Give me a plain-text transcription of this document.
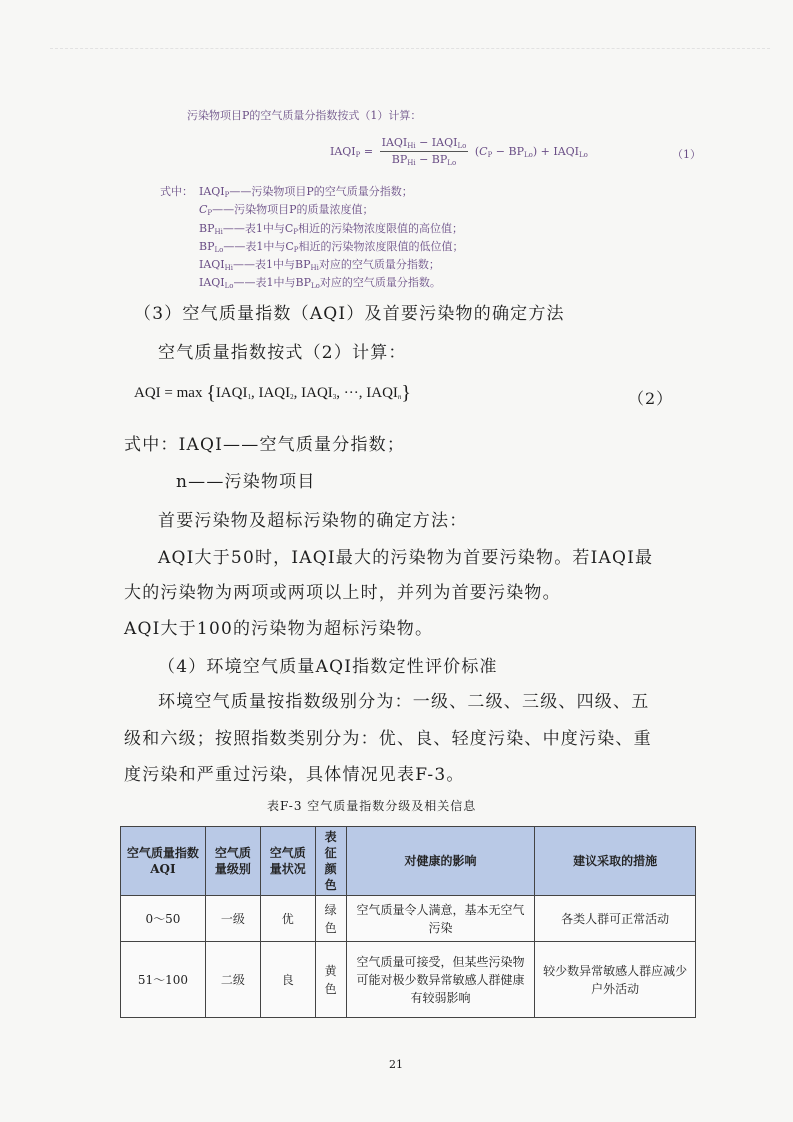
污染物项目P的空气质量分指数按式（1）计算：
$IAQI_P = \frac{IAQI_{Hi} - IAQI_{Lo}}{BP_{Hi} - BP_{Lo}} (C_P - BP_{Lo})$ + $IAQI_{Lo}$	（1）
式中： $IAQI_P——$污染物项目P的空气质量分指数；
$C_P——$污染物项目P的质量浓度值；
$BP_{Hi}——$表1中与$C_P$相近的污染物浓度限值的高位值；
$BP_{Lo}——$表1中与$C_P$相近的污染物浓度限值的低位值；
$IAQI_{Hi}——$表1中与$BP_{Hi}$对应的空气质量分指数；
$IAQI_{Lo}——$表1中与$BP_{Lo}$对应的空气质量分指数。
（3）空气质量指数（AQI）及首要污染物的确定方法
空气质量指数按式（2）计算：
AQI = $\max \{IAQI_1$, $IAQI_2$, $IAQI_3$, ···, $IAQI_n$}	（2）
式中：IAQI——空气质量分指数；
n——污染物项目
首要污染物及超标污染物的确定方法：
AQI大于50时，IAQI最大的污染物为首要污染物。若IAQI最
大的污染物为两项或两项以上时，并列为首要污染物。
AQI大于100的污染物为超标污染物。
（4）环境空气质量AQI指数定性评价标准
环境空气质量按指数级别分为：一级、二级、三级、四级、五
级和六级；按照指数类别分为：优、良、轻度污染、中度污染、重
度污染和严重过污染，具体情况见表F-3。
表F-3 空气质量指数分级及相关信息
空气质量指数AQI	空气质量级别	空气质量状况	表征颜色	对健康的影响	建议采取的措施
0～50	一级	优	绿色	空气质量令人满意，基本无空气污染	各类人群可正常活动
51～100	二级	良	黄色	空气质量可接受，但某些污染物可能对极少数异常敏感人群健康有较弱影响	较少数异常敏感人群应减少户外活动
21
